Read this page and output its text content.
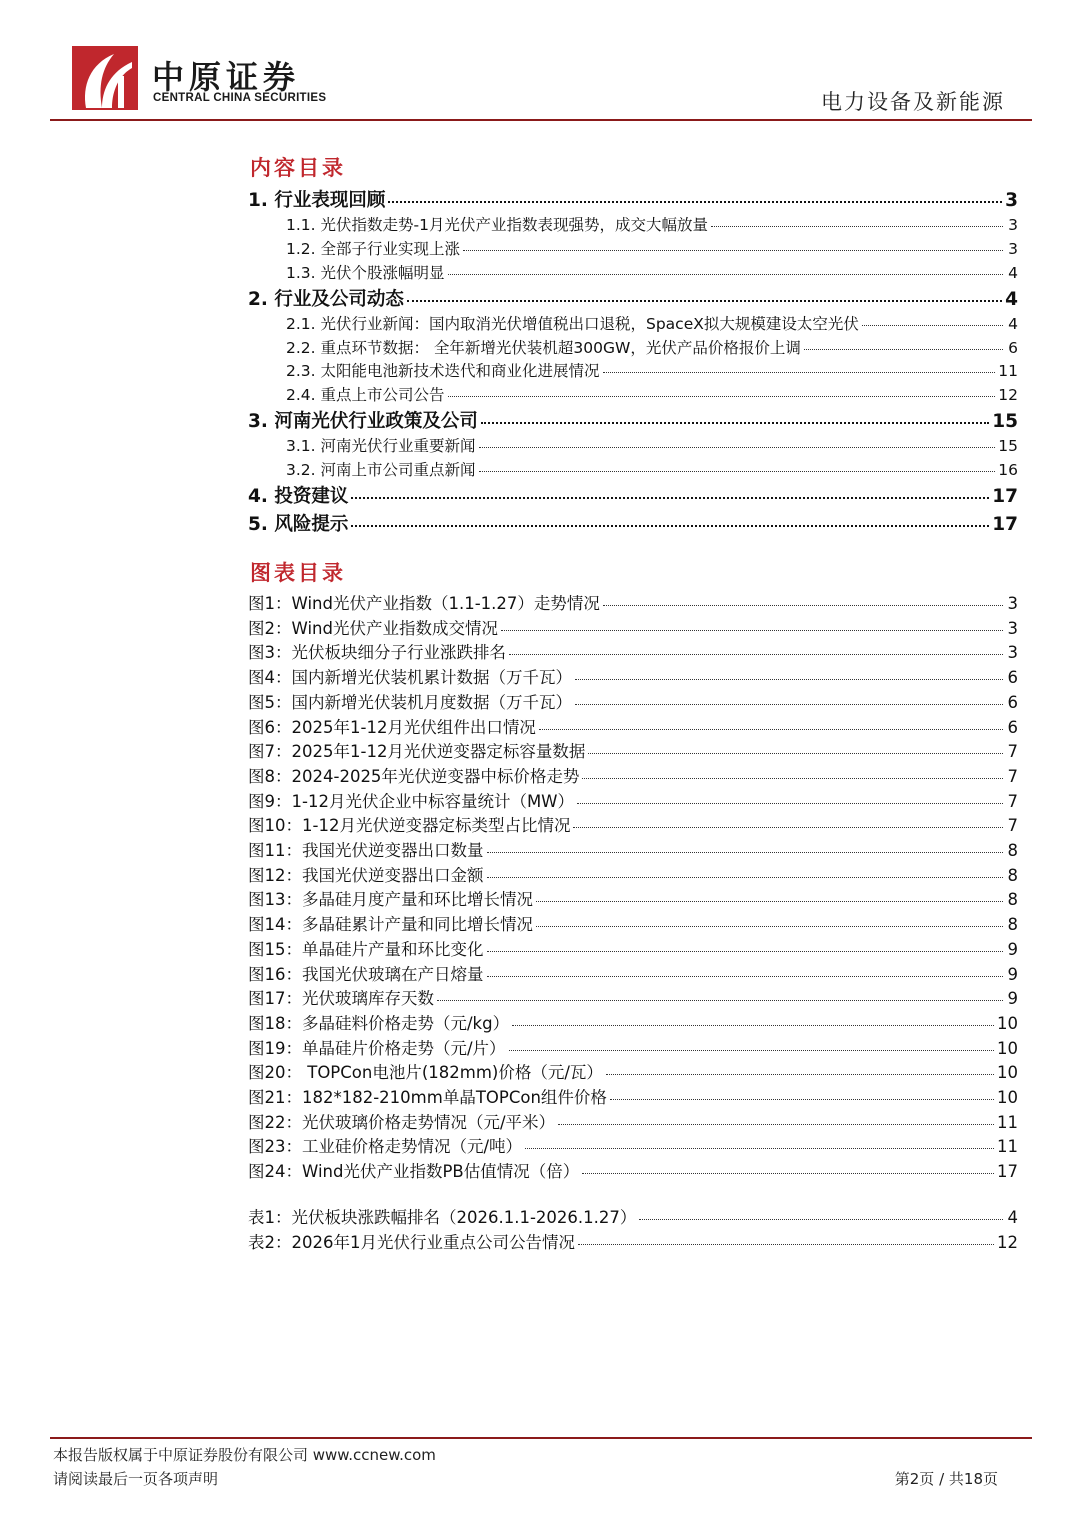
中原证券
CENTRAL CHINA SECURITIES	电力设备及新能源
内容目录
1. 行业表现回顾	3
1.1. 光伏指数走势-1月光伏产业指数表现强势，成交大幅放量	3
1.2. 全部子行业实现上涨	3
1.3. 光伏个股涨幅明显	4
2. 行业及公司动态	4
2.1. 光伏行业新闻：国内取消光伏增值税出口退税，SpaceX拟大规模建设太空光伏	4
2.2. 重点环节数据： 全年新增光伏装机超300GW，光伏产品价格报价上调	6
2.3. 太阳能电池新技术迭代和商业化进展情况	11
2.4. 重点上市公司公告	12
3. 河南光伏行业政策及公司	15
3.1. 河南光伏行业重要新闻	15
3.2. 河南上市公司重点新闻	16
4. 投资建议	17
5. 风险提示	17
图表目录
图1：Wind光伏产业指数（1.1-1.27）走势情况	3
图2：Wind光伏产业指数成交情况	3
图3：光伏板块细分子行业涨跌排名	3
图4：国内新增光伏装机累计数据（万千瓦）	6
图5：国内新增光伏装机月度数据（万千瓦）	6
图6：2025年1-12月光伏组件出口情况	6
图7：2025年1-12月光伏逆变器定标容量数据	7
图8：2024-2025年光伏逆变器中标价格走势	7
图9：1-12月光伏企业中标容量统计（MW）	7
图10：1-12月光伏逆变器定标类型占比情况	7
图11：我国光伏逆变器出口数量	8
图12：我国光伏逆变器出口金额	8
图13：多晶硅月度产量和环比增长情况	8
图14：多晶硅累计产量和同比增长情况	8
图15：单晶硅片产量和环比变化	9
图16：我国光伏玻璃在产日熔量	9
图17：光伏玻璃库存天数	9
图18：多晶硅料价格走势（元/kg）	10
图19：单晶硅片价格走势（元/片）	10
图20： TOPCon电池片(182mm)价格（元/瓦）	10
图21：182*182-210mm单晶TOPCon组件价格	10
图22：光伏玻璃价格走势情况（元/平米）	11
图23：工业硅价格走势情况（元/吨）	11
图24：Wind光伏产业指数PB估值情况（倍）	17
表1：光伏板块涨跌幅排名（2026.1.1-2026.1.27）	4
表2：2026年1月光伏行业重点公司公告情况	12
本报告版权属于中原证券股份有限公司 www.ccnew.com
请阅读最后一页各项声明	第2页 / 共18页
